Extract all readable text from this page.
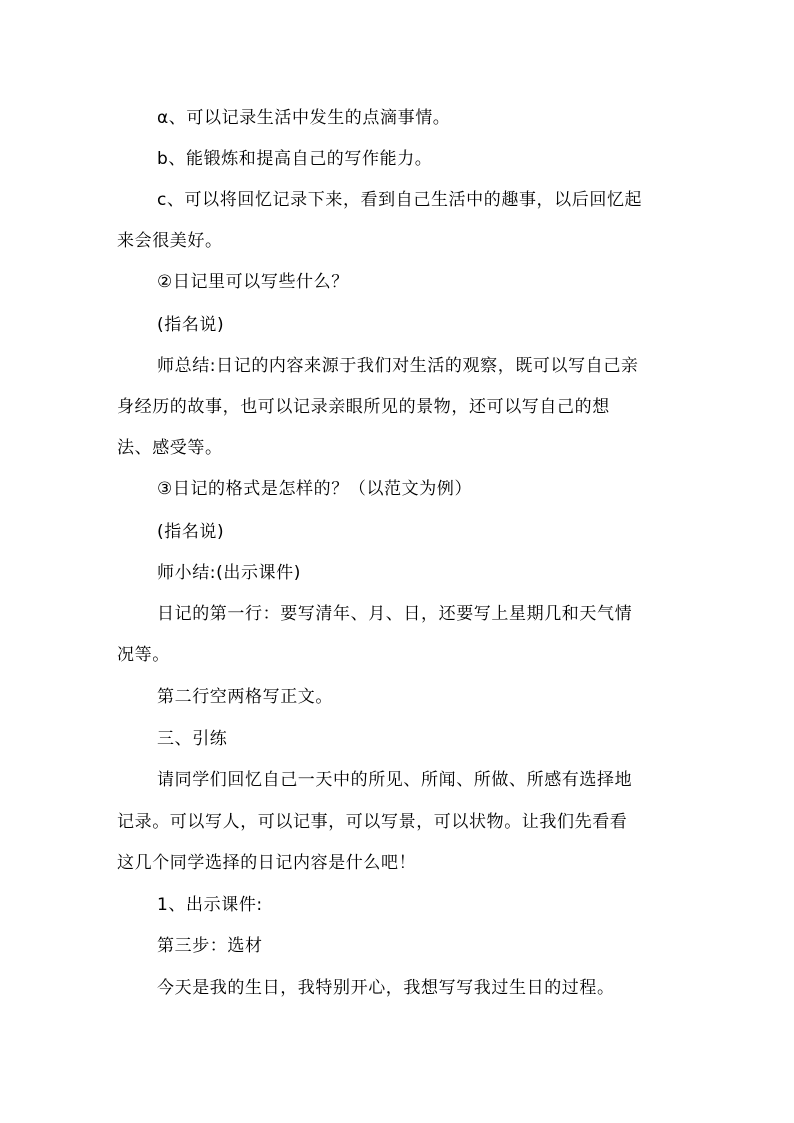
α、可以记录生活中发生的点滴事情。
b、能锻炼和提高自己的写作能力。
c、可以将回忆记录下来，看到自己生活中的趣事，以后回忆起
来会很美好。
②日记里可以写些什么？
(指名说)
师总结:日记的内容来源于我们对生活的观察，既可以写自己亲
身经历的故事，也可以记录亲眼所见的景物，还可以写自己的想
法、感受等。
③日记的格式是怎样的？（以范文为例）
(指名说)
师小结:(出示课件)
日记的第一行：要写清年、月、日，还要写上星期几和天气情
况等。
第二行空两格写正文。
三、引练
请同学们回忆自己一天中的所见、所闻、所做、所感有选择地
记录。可以写人，可以记事，可以写景，可以状物。让我们先看看
这几个同学选择的日记内容是什么吧！
1、出示课件:
第三步：选材
今天是我的生日，我特别开心，我想写写我过生日的过程。
